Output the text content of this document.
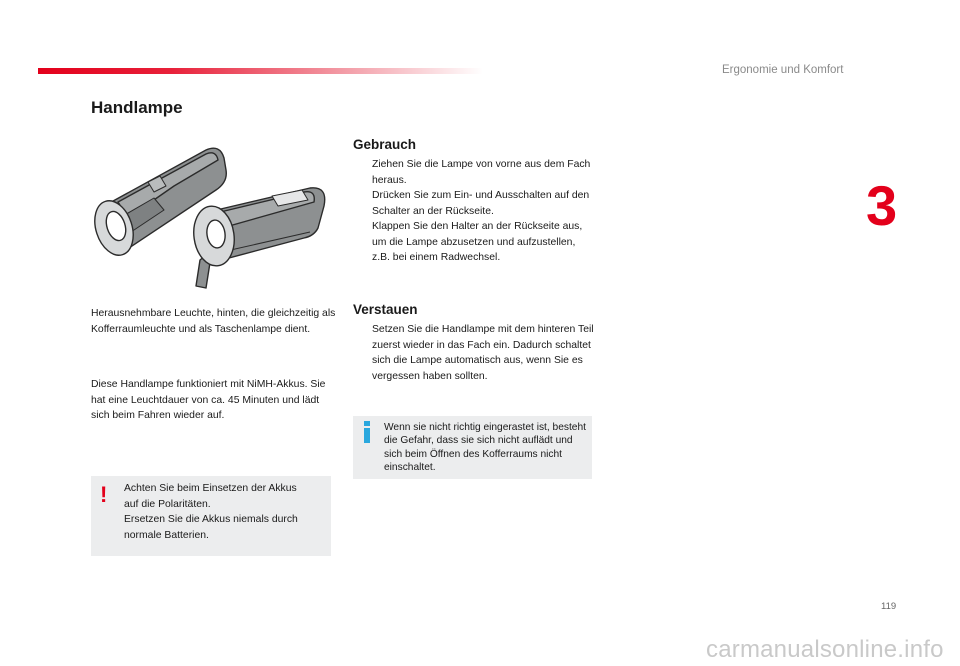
Ergonomie und Komfort
3
Handlampe

Herausnehmbare Leuchte, hinten, die gleichzeitig als Kofferraumleuchte und als Taschenlampe dient.

Diese Handlampe funktioniert mit NiMH-Akkus. Sie hat eine Leuchtdauer von ca. 45 Minuten und lädt sich beim Fahren wieder auf.

! Achten Sie beim Einsetzen der Akkus
auf die Polaritäten.
Ersetzen Sie die Akkus niemals durch
normale Batterien.
Gebrauch
Ziehen Sie die Lampe von vorne aus dem Fach heraus.
Drücken Sie zum Ein- und Ausschalten auf den Schalter an der Rückseite.
Klappen Sie den Halter an der Rückseite aus, um die Lampe abzusetzen und aufzustellen, z.B. bei einem Radwechsel.
Verstauen
Setzen Sie die Handlampe mit dem hinteren Teil zuerst wieder in das Fach ein. Dadurch schaltet sich die Lampe automatisch aus, wenn Sie es vergessen haben sollten.
Wenn sie nicht richtig eingerastet ist, besteht die Gefahr, dass sie sich nicht auflädt und sich beim Öffnen des Kofferraums nicht einschaltet.
119
carmanualsonline.info
